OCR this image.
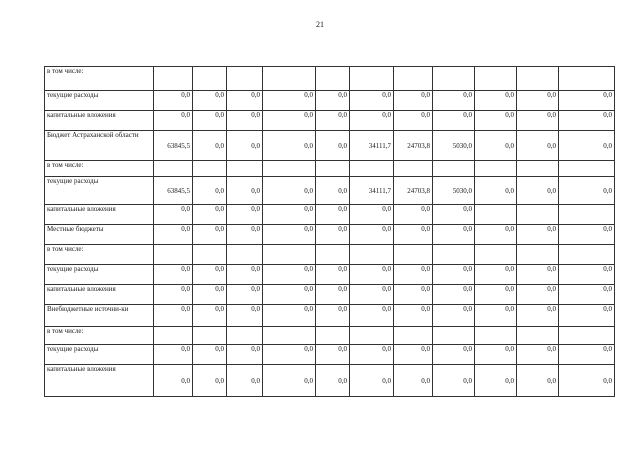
21
в том числе:											
текущие расходы	0,0	0,0	0,0	0,0	0,0	0,0	0,0	0,0	0,0	0,0	0,0
капитальные вложения	0,0	0,0	0,0	0,0	0,0	0,0	0,0	0,0	0,0	0,0	0,0
Бюджет Астраханской области	63845,5	0,0	0,0	0,0	0,0	34111,7	24703,8	5030,0	0,0	0,0	0,0
в том числе:											
текущие расходы	63845,5	0,0	0,0	0,0	0,0	34111,7	24703,8	5030,0	0,0	0,0	0,0
капитальные вложения	0,0	0,0	0,0	0,0	0,0	0,0	0,0	0,0			
Местные бюджеты	0,0	0,0	0,0	0,0	0,0	0,0	0,0	0,0	0,0	0,0	0,0
в том числе:											
текущие расходы	0,0	0,0	0,0	0,0	0,0	0,0	0,0	0,0	0,0	0,0	0,0
капитальные вложения	0,0	0,0	0,0	0,0	0,0	0,0	0,0	0,0	0,0	0,0	0,0
Внебюджетные источни-ки	0,0	0,0	0,0	0,0	0,0	0,0	0,0	0,0	0,0	0,0	0,0
в том числе:											
текущие расходы	0,0	0,0	0,0	0,0	0,0	0,0	0,0	0,0	0,0	0,0	0,0
капитальные вложения	0,0	0,0	0,0	0,0	0,0	0,0	0,0	0,0	0,0	0,0	0,0
